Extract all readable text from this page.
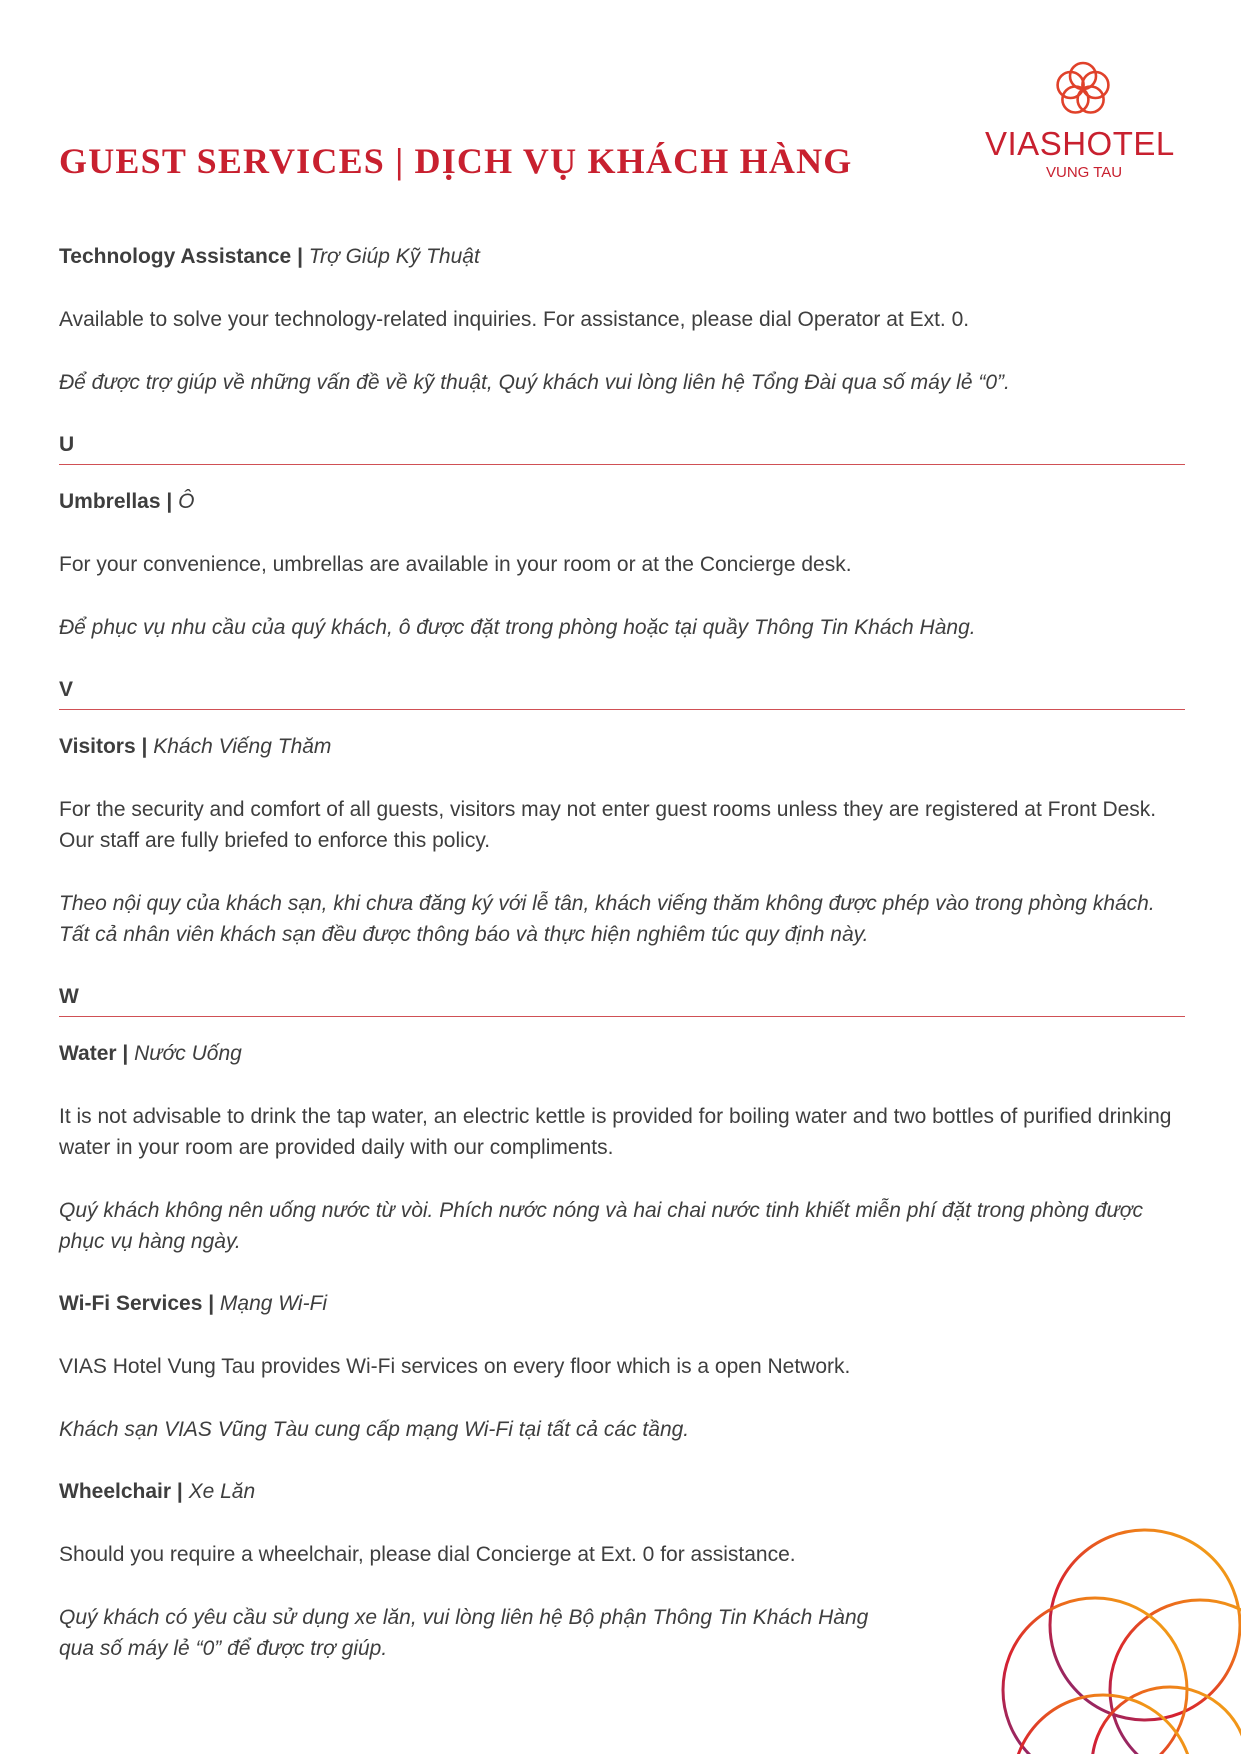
GUEST SERVICES | DỊCH VỤ KHÁCH HÀNG	VIASHOTEL
VUNG TAU
Technology Assistance | Trợ Giúp Kỹ Thuật

Available to solve your technology-related inquiries. For assistance, please dial Operator at Ext. 0.

Để được trợ giúp về những vấn đề về kỹ thuật, Quý khách vui lòng liên hệ Tổng Đài qua số máy lẻ “0”.

U
Umbrellas | Ô

For your convenience, umbrellas are available in your room or at the Concierge desk.

Để phục vụ nhu cầu của quý khách, ô được đặt trong phòng hoặc tại quầy Thông Tin Khách Hàng.

V
Visitors | Khách Viếng Thăm

For the security and comfort of all guests, visitors may not enter guest rooms unless they are registered at Front Desk.

Our staff are fully briefed to enforce this policy.

Theo nội quy của khách sạn, khi chưa đăng ký với lễ tân, khách viếng thăm không được phép vào trong phòng khách.

Tất cả nhân viên khách sạn đều được thông báo và thực hiện nghiêm túc quy định này.

W
Water | Nước Uống

It is not advisable to drink the tap water, an electric kettle is provided for boiling water and two bottles of purified drinking

water in your room are provided daily with our compliments.

Quý khách không nên uống nước từ vòi. Phích nước nóng và hai chai nước tinh khiết miễn phí đặt trong phòng được

phục vụ hàng ngày.

Wi-Fi Services | Mạng Wi-Fi

VIAS Hotel Vung Tau provides Wi-Fi services on every floor which is a open Network.

Khách sạn VIAS Vũng Tàu cung cấp mạng Wi-Fi tại tất cả các tầng.

Wheelchair | Xe Lăn

Should you require a wheelchair, please dial Concierge at Ext. 0 for assistance.

Quý khách có yêu cầu sử dụng xe lăn, vui lòng liên hệ Bộ phận Thông Tin Khách Hàng

qua số máy lẻ “0” để được trợ giúp.
